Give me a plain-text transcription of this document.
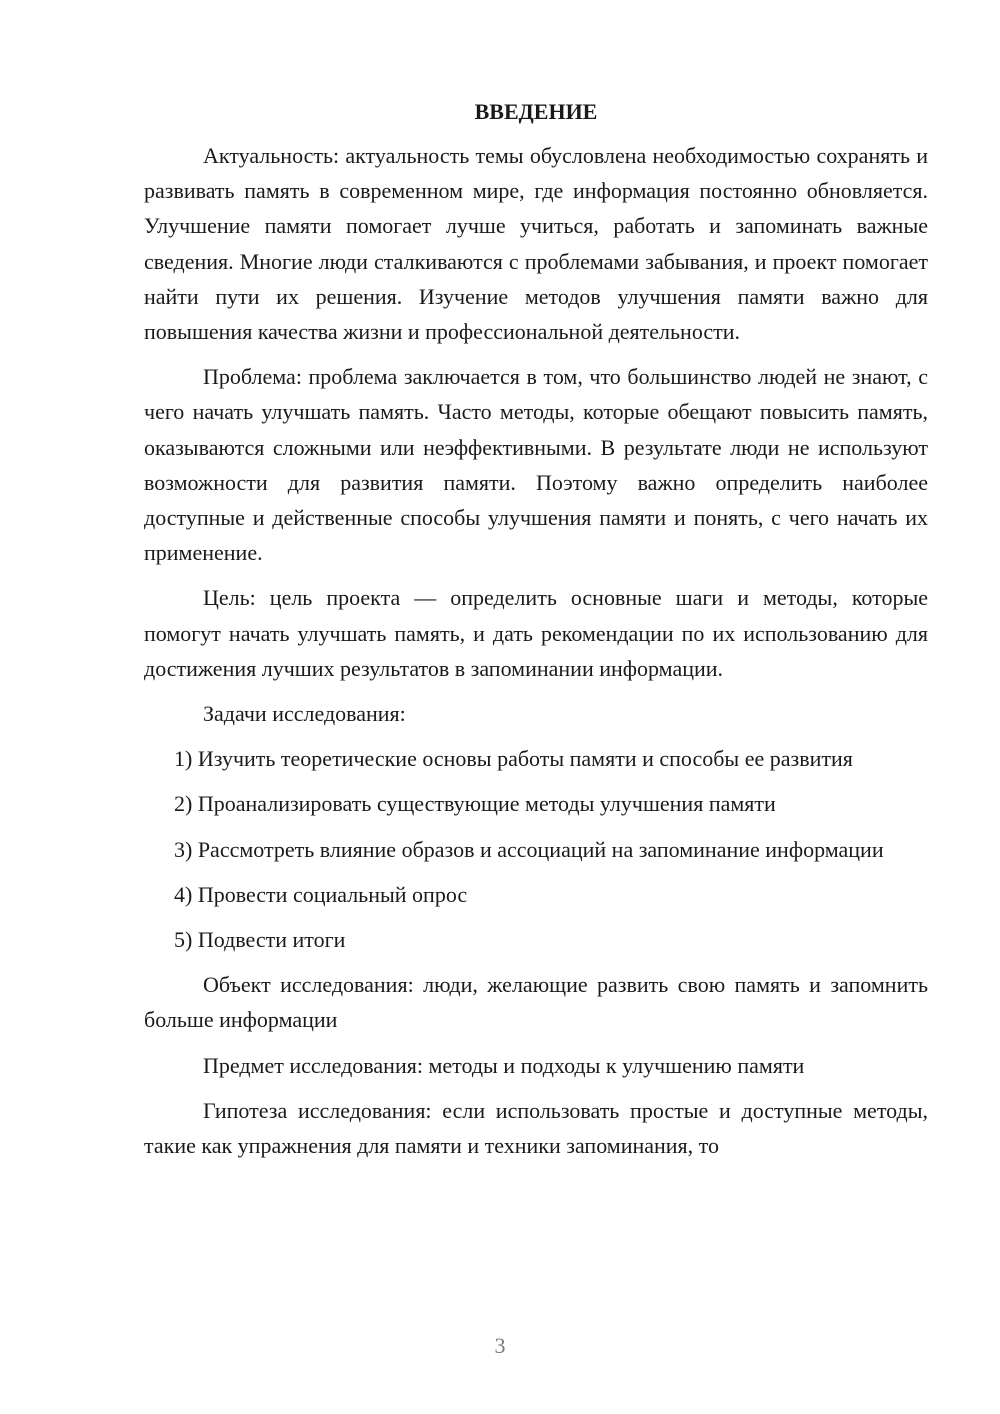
ВВЕДЕНИЕ

Актуальность: актуальность темы обусловлена необходимостью сохранять и развивать память в современном мире, где информация постоянно обновляется. Улучшение памяти помогает лучше учиться, работать и запоминать важные сведения. Многие люди сталкиваются с проблемами забывания, и проект помогает найти пути их решения. Изучение методов улучшения памяти важно для повышения качества жизни и профессиональной деятельности.

Проблема: проблема заключается в том, что большинство людей не знают, с чего начать улучшать память. Часто методы, которые обещают повысить память, оказываются сложными или неэффективными. В результате люди не используют возможности для развития памяти. Поэтому важно определить наиболее доступные и действенные способы улучшения памяти и понять, с чего начать их применение.

Цель: цель проекта — определить основные шаги и методы, которые помогут начать улучшать память, и дать рекомендации по их использованию для достижения лучших результатов в запоминании информации.

Задачи исследования:

1) Изучить теоретические основы работы памяти и способы ее развития

2) Проанализировать существующие методы улучшения памяти

3) Рассмотреть влияние образов и ассоциаций на запоминание информации

4) Провести социальный опрос

5) Подвести итоги

Объект исследования: люди, желающие развить свою память и запомнить больше информации

Предмет исследования: методы и подходы к улучшению памяти

Гипотеза исследования: если использовать простые и доступные методы, такие как упражнения для памяти и техники запоминания, то

3
